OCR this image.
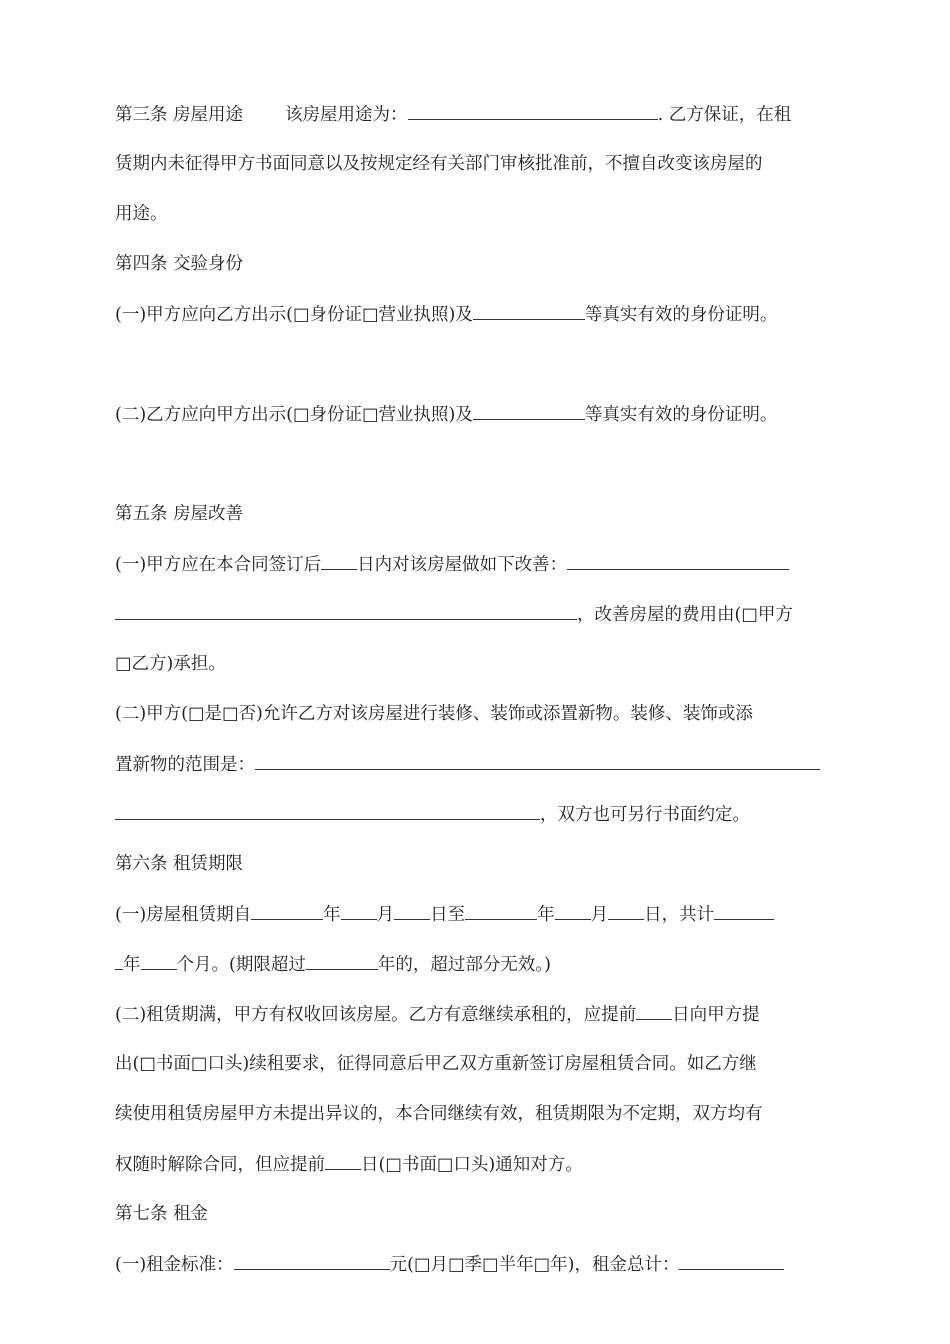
第三条 房屋用途 该房屋用途为：	. 乙方保证，在租
赁期内未征得甲方书面同意以及按规定经有关部门审核批准前，不擅自改变该房屋的
用途。
第四条 交验身份
(一)甲方应向乙方出示(□身份证□营业执照)及	等真实有效的身份证明。
(二)乙方应向甲方出示(□身份证□营业执照)及	等真实有效的身份证明。
第五条 房屋改善
(一)甲方应在本合同签订后 日内对该房屋做如下改善：
，改善房屋的费用由(□甲方
□乙方)承担。
(二)甲方(□是□否)允许乙方对该房屋进行装修、装饰或添置新物。装修、装饰或添
置新物的范围是：
，双方也可另行书面约定。
第六条 租赁期限
(一)房屋租赁期自	年 月 日至	年 月 日，共计
年 个月。(期限超过	年的，超过部分无效。)
(二)租赁期满，甲方有权收回该房屋。乙方有意继续承租的，应提前 日向甲方提
出(□书面□口头)续租要求，征得同意后甲乙双方重新签订房屋租赁合同。如乙方继
续使用租赁房屋甲方未提出异议的，本合同继续有效，租赁期限为不定期，双方均有
权随时解除合同，但应提前 日(□书面□口头)通知对方。
第七条 租金
(一)租金标准：	元(□月□季□半年□年)，租金总计：
